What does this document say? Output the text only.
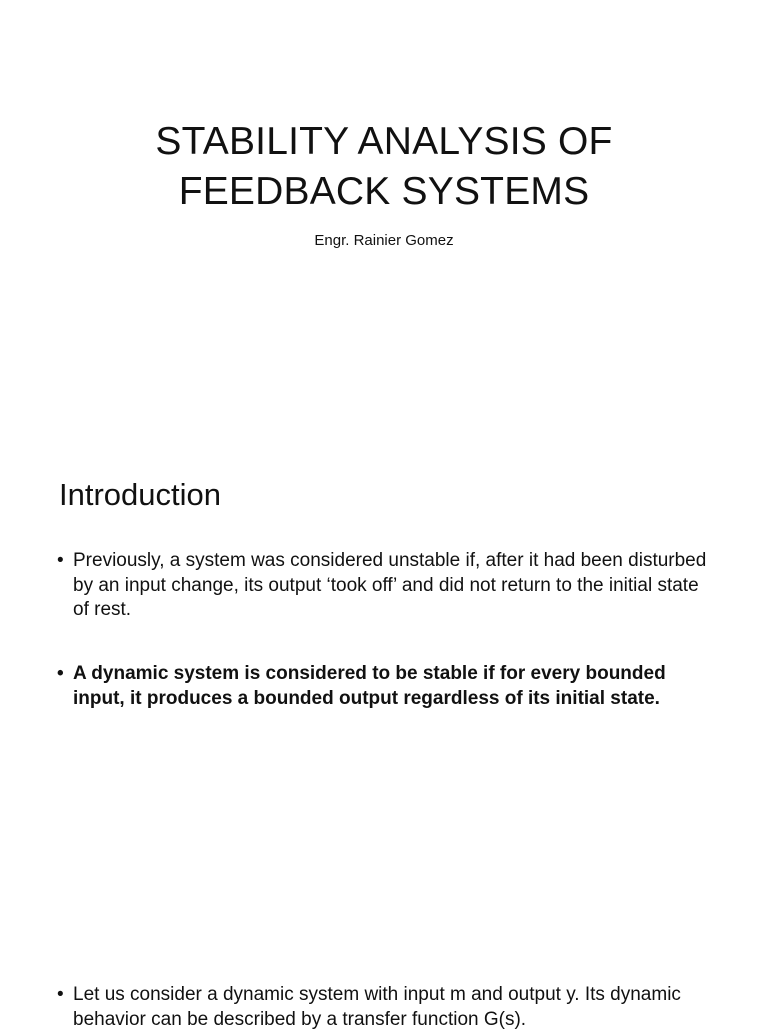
STABILITY ANALYSIS OF
FEEDBACK SYSTEMS

Engr. Rainier Gomez

Introduction
• Previously, a system was considered unstable if, after it had been disturbed by an input change, its output ‘took off’ and did not return to the initial state of rest.
• A dynamic system is considered to be stable if for every bounded input, it produces a bounded output regardless of its initial state.
• Let us consider a dynamic system with input m and output y. Its dynamic behavior can be described by a transfer function G(s).
